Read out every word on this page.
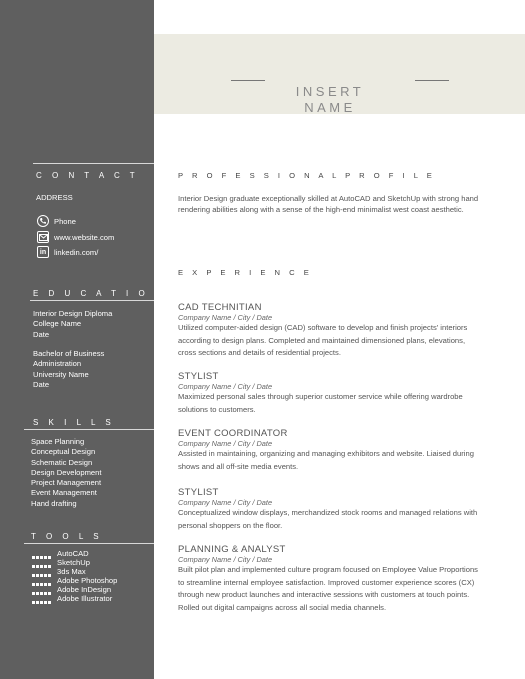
INSERT
NAME
C O N T A C T
ADDRESS
Phone
www.website.com
in	linkedin.com/
E D U C A T I O N
Interior Design Diploma
College Name
Date
Bachelor of Business
Administration
University Name
Date
S K I L L S
Space Planning
Conceptual Design
Schematic Design
Design Development
Project Management
Event Management
Hand drafting
T O O L S
AutoCAD
SketchUp
3ds Max
Adobe Photoshop
Adobe InDesign
Adobe Illustrator
P R O F E S S I O N A L P R O F I L E
Interior Design graduate exceptionally skilled at AutoCAD and SketchUp with strong hand rendering abilities along with a sense of the high-end minimalist west coast aesthetic.
E X P E R I E N C E
CAD TECHNITIAN
Company Name / City / Date
Utilized computer-aided design (CAD) software to develop and finish projects' interiors according to design plans. Completed and maintained dimensioned plans, elevations, cross sections and details of residential projects.
STYLIST
Company Name / City / Date
Maximized personal sales through superior customer service while offering wardrobe solutions to customers.
EVENT COORDINATOR
Company Name / City / Date
Assisted in maintaining, organizing and managing exhibitors and website. Liaised during shows and all off-site media events.
STYLIST
Company Name / City / Date
Conceptualized window displays, merchandized stock rooms and managed relations with personal shoppers on the floor.
PLANNING & ANALYST
Company Name / City / Date
Built pilot plan and implemented culture program focused on Employee Value Proportions to streamline internal employee satisfaction. Improved customer experience scores (CX) through new product launches and interactive sessions with customers at touch points. Rolled out digital campaigns across all social media channels.
